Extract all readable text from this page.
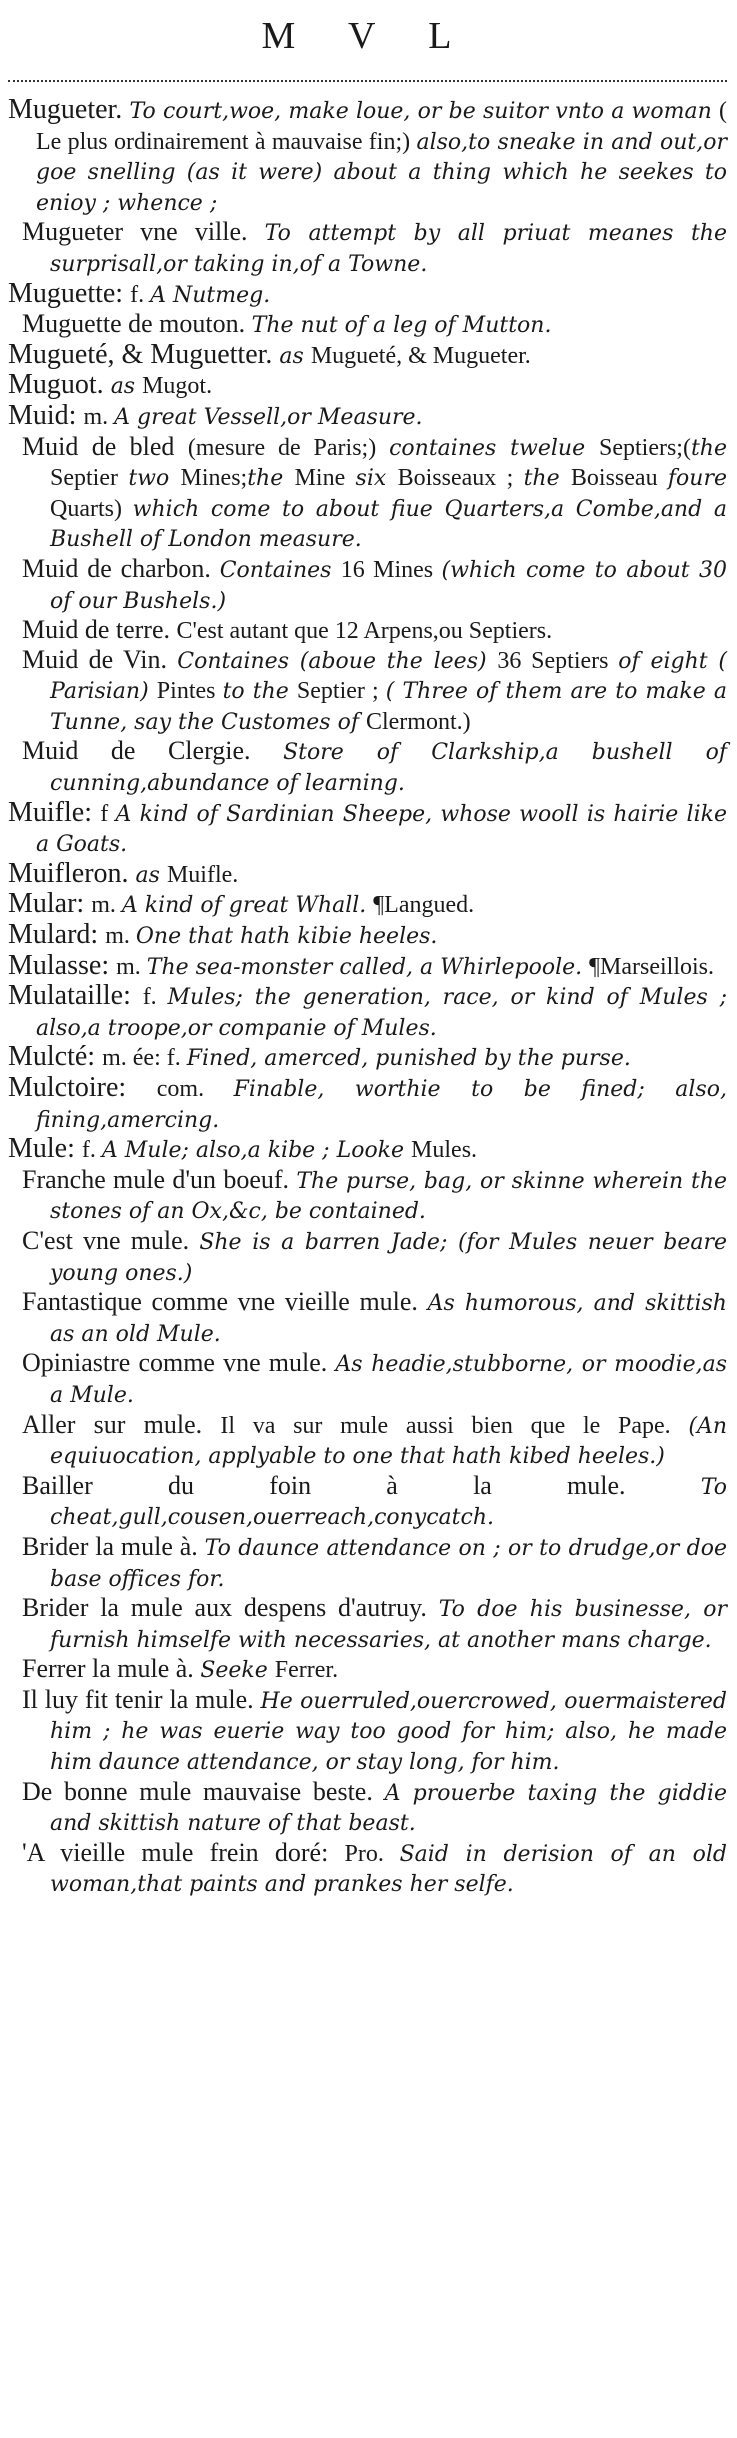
M V L

Mugueter. To court,woe, make loue, or be suitor vnto a woman ( Le plus ordinairement à mauvaise fin;) also,to sneake in and out,or goe snelling (as it were) about a thing which he seekes to enioy ; whence ;

Mugueter vne ville. To attempt by all priuat meanes the surprisall,or taking in,of a Towne.

Muguette: f. A Nutmeg.

Muguette de mouton. The nut of a leg of Mutton.

Mugueté, & Muguetter. as Mugueté, & Mugueter.

Muguot. as Mugot.

Muid: m. A great Vessell,or Measure.

Muid de bled (mesure de Paris;) containes twelue Septiers;(the Septier two Mines;the Mine six Boisseaux ; the Boisseau foure Quarts) which come to about fiue Quarters,a Combe,and a Bushell of London measure.

Muid de charbon. Containes 16 Mines (which come to about 30 of our Bushels.)

Muid de terre. C'est autant que 12 Arpens,ou Septiers.

Muid de Vin. Containes (aboue the lees) 36 Septiers of eight ( Parisian) Pintes to the Septier ; ( Three of them are to make a Tunne, say the Customes of Clermont.)

Muid de Clergie. Store of Clarkship,a bushell of cunning,abundance of learning.

Muifle: f A kind of Sardinian Sheepe, whose wooll is hairie like a Goats.

Muifleron. as Muifle.

Mular: m. A kind of great Whall. ¶Langued.

Mulard: m. One that hath kibie heeles.

Mulasse: m. The sea-monster called, a Whirlepoole. ¶Marseillois.

Mulataille: f. Mules; the generation, race, or kind of Mules ; also,a troope,or companie of Mules.

Mulcté: m. ée: f. Fined, amerced, punished by the purse.

Mulctoire: com. Finable, worthie to be fined; also, fining,amercing.

Mule: f. A Mule; also,a kibe ; Looke Mules.

Franche mule d'un boeuf. The purse, bag, or skinne wherein the stones of an Ox,&c, be contained.

C'est vne mule. She is a barren Jade; (for Mules neuer beare young ones.)

Fantastique comme vne vieille mule. As humorous, and skittish as an old Mule.

Opiniastre comme vne mule. As headie,stubborne, or moodie,as a Mule.

Aller sur mule. Il va sur mule aussi bien que le Pape. (An equiuocation, applyable to one that hath kibed heeles.)

Bailler du foin à la mule. To cheat,gull,cousen,ouerreach,conycatch.

Brider la mule à. To daunce attendance on ; or to drudge,or doe base offices for.

Brider la mule aux despens d'autruy. To doe his businesse, or furnish himselfe with necessaries, at another mans charge.

Ferrer la mule à. Seeke Ferrer.

Il luy fit tenir la mule. He ouerruled,ouercrowed, ouermaistered him ; he was euerie way too good for him; also, he made him daunce attendance, or stay long, for him.

De bonne mule mauvaise beste. A prouerbe taxing the giddie and skittish nature of that beast.

'A vieille mule frein doré: Pro. Said in derision of an old woman,that paints and prankes her selfe.
